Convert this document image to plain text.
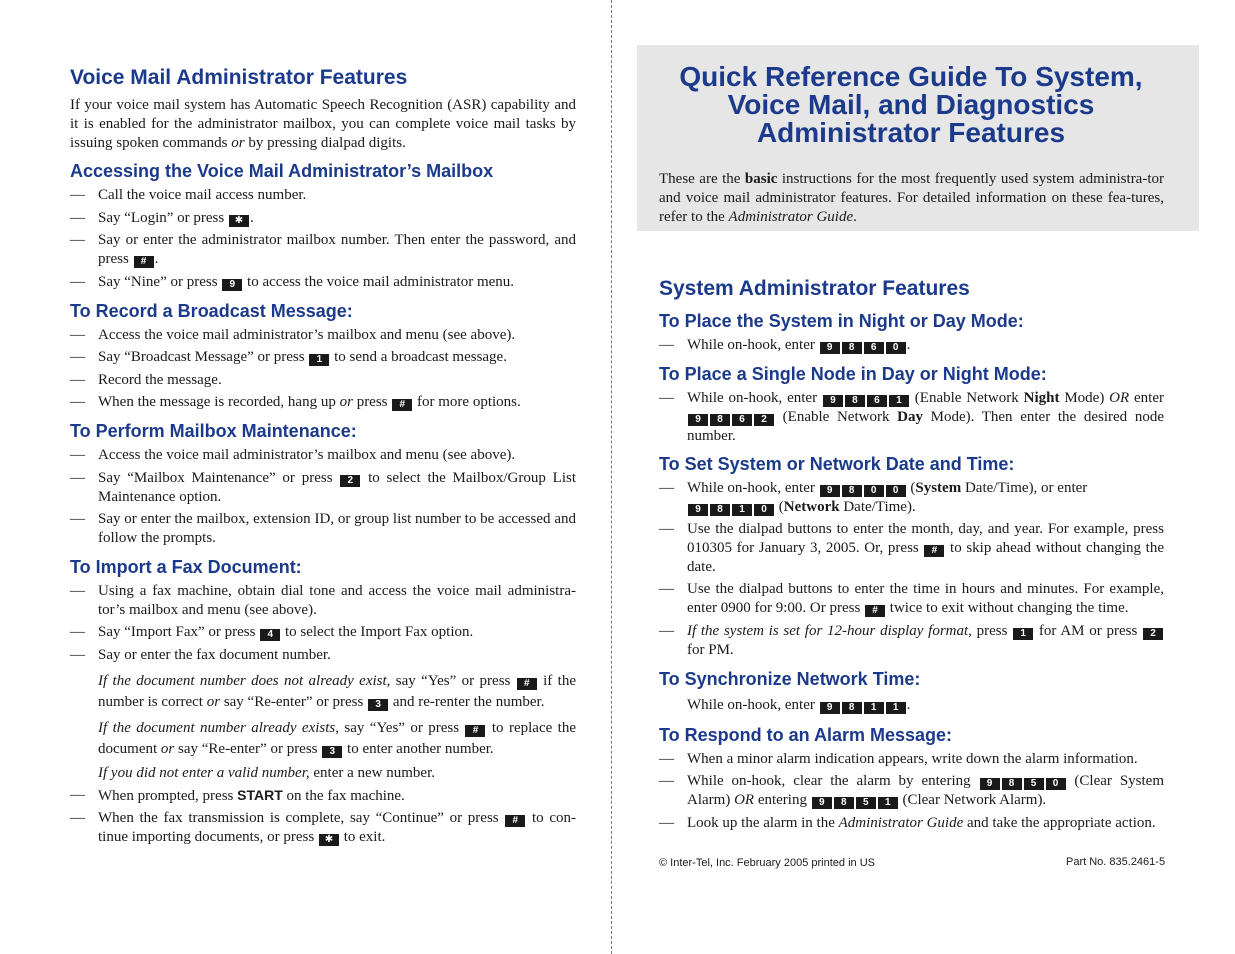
Voice Mail Administrator Features
If your voice mail system has Automatic Speech Recognition (ASR) capability and it is enabled for the administrator mailbox, you can complete voice mail tasks by issuing spoken commands or by pressing dialpad digits.
Accessing the Voice Mail Administrator’s Mailbox
— Call the voice mail access number.
— Say “Login” or press ✱ .
— Say or enter the administrator mailbox number. Then enter the password, and press # .
— Say “Nine” or press 9 to access the voice mail administrator menu.
To Record a Broadcast Message:
— Access the voice mail administrator’s mailbox and menu (see above).
— Say “Broadcast Message” or press 1 to send a broadcast message.
— Record the message.
— When the message is recorded, hang up or press # for more options.
To Perform Mailbox Maintenance:
— Access the voice mail administrator’s mailbox and menu (see above).
— Say “Mailbox Maintenance” or press 2 to select the Mailbox/Group List Maintenance option.
— Say or enter the mailbox, extension ID, or group list number to be accessed and follow the prompts.
To Import a Fax Document:
— Using a fax machine, obtain dial tone and access the voice mail administra-tor’s mailbox and menu (see above).
— Say “Import Fax” or press 4 to select the Import Fax option.
— Say or enter the fax document number.
If the document number does not already exist, say “Yes” or press # if the number is correct or say “Re-enter” or press 3 and re-renter the number.
If the document number already exists, say “Yes” or press # to replace the document or say “Re-enter” or press 3 to enter another number.
If you did not enter a valid number, enter a new number.
— When prompted, press START on the fax machine.
— When the fax transmission is complete, say “Continue” or press # to con-tinue importing documents, or press ✱ to exit.
Quick Reference Guide To System,
Voice Mail, and Diagnostics
Administrator Features
These are the basic instructions for the most frequently used system administra-tor and voice mail administrator features. For detailed information on these fea-tures, refer to the Administrator Guide.
System Administrator Features
To Place the System in Night or Day Mode:
— While on-hook, enter 9 8 6 0 .
To Place a Single Node in Day or Night Mode:
— While on-hook, enter 9 8 6 1 (Enable Network Night Mode) OR enter 9 8 6 2 (Enable Network Day Mode). Then enter the desired node number.
To Set System or Network Date and Time:
— While on-hook, enter 9 8 0 0 (System Date/Time), or enter
9 8 1 0 (Network Date/Time).
— Use the dialpad buttons to enter the month, day, and year. For example, press 010305 for January 3, 2005. Or, press # to skip ahead without changing the date.
— Use the dialpad buttons to enter the time in hours and minutes. For example, enter 0900 for 9:00. Or press # twice to exit without changing the time.
— If the system is set for 12-hour display format, press 1 for AM or press 2 for PM.
To Synchronize Network Time:
While on-hook, enter 9 8 1 1 .
To Respond to an Alarm Message:
— When a minor alarm indication appears, write down the alarm information.
— While on-hook, clear the alarm by entering 9 8 5 0 (Clear System Alarm) OR entering 9 8 5 1 (Clear Network Alarm).
— Look up the alarm in the Administrator Guide and take the appropriate action.
© Inter-Tel, Inc. February 2005 printed in US	Part No. 835.2461-5
